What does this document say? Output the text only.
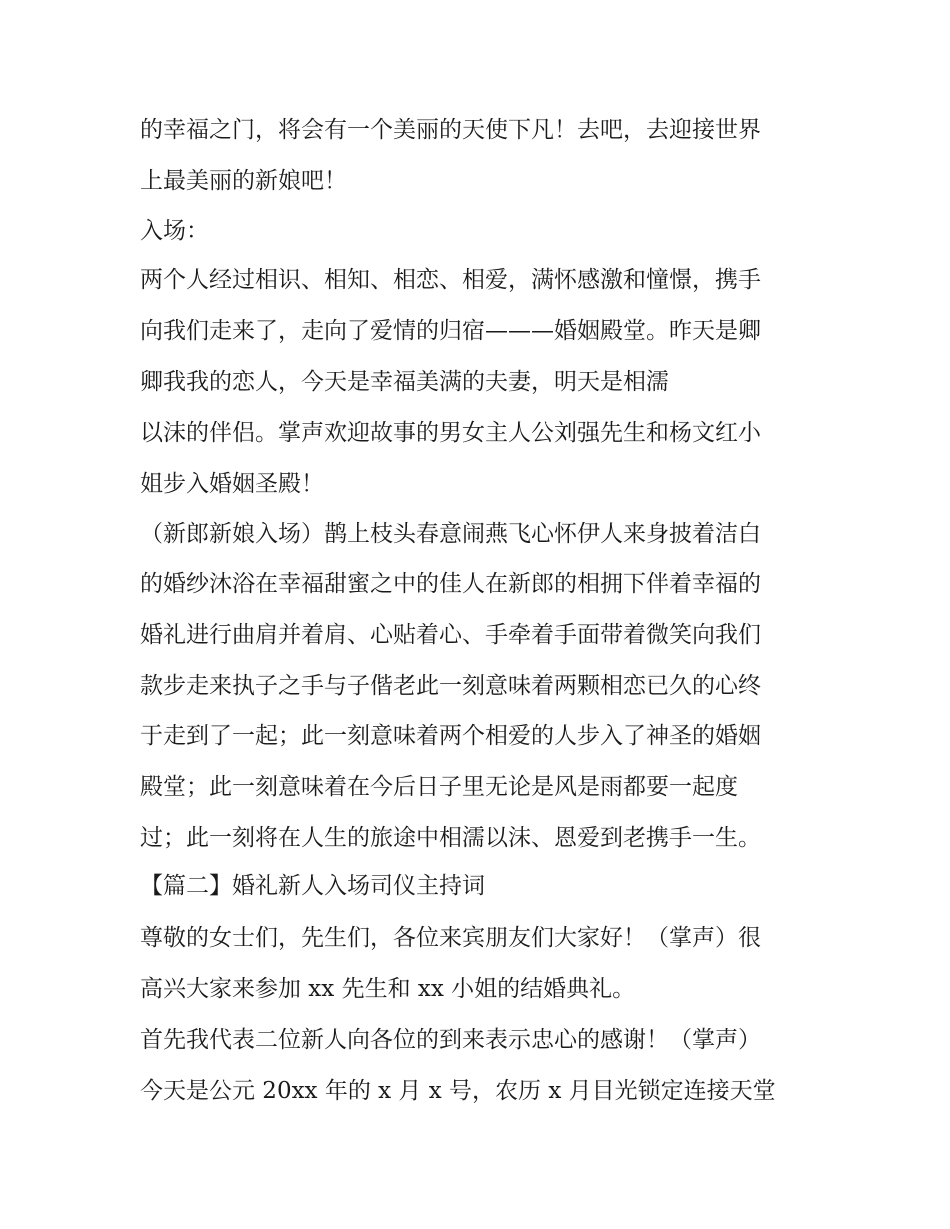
的幸福之门，将会有一个美丽的天使下凡！去吧，去迎接世界
上最美丽的新娘吧！
入场：
两个人经过相识、相知、相恋、相爱，满怀感激和憧憬，携手
向我们走来了，走向了爱情的归宿———婚姻殿堂。昨天是卿
卿我我的恋人，今天是幸福美满的夫妻，明天是相濡
以沫的伴侣。掌声欢迎故事的男女主人公刘强先生和杨文红小
姐步入婚姻圣殿！
（新郎新娘入场）鹊上枝头春意闹燕飞心怀伊人来身披着洁白
的婚纱沐浴在幸福甜蜜之中的佳人在新郎的相拥下伴着幸福的
婚礼进行曲肩并着肩、心贴着心、手牵着手面带着微笑向我们
款步走来执子之手与子偕老此一刻意味着两颗相恋已久的心终
于走到了一起；此一刻意味着两个相爱的人步入了神圣的婚姻
殿堂；此一刻意味着在今后日子里无论是风是雨都要一起度
过；此一刻将在人生的旅途中相濡以沫、恩爱到老携手一生。
【篇二】婚礼新人入场司仪主持词
尊敬的女士们，先生们，各位来宾朋友们大家好！（掌声）很
高兴大家来参加 xx 先生和 xx 小姐的结婚典礼。
首先我代表二位新人向各位的到来表示忠心的感谢！（掌声）
今天是公元 20xx 年的 x 月 x 号，农历 x 月目光锁定连接天堂
